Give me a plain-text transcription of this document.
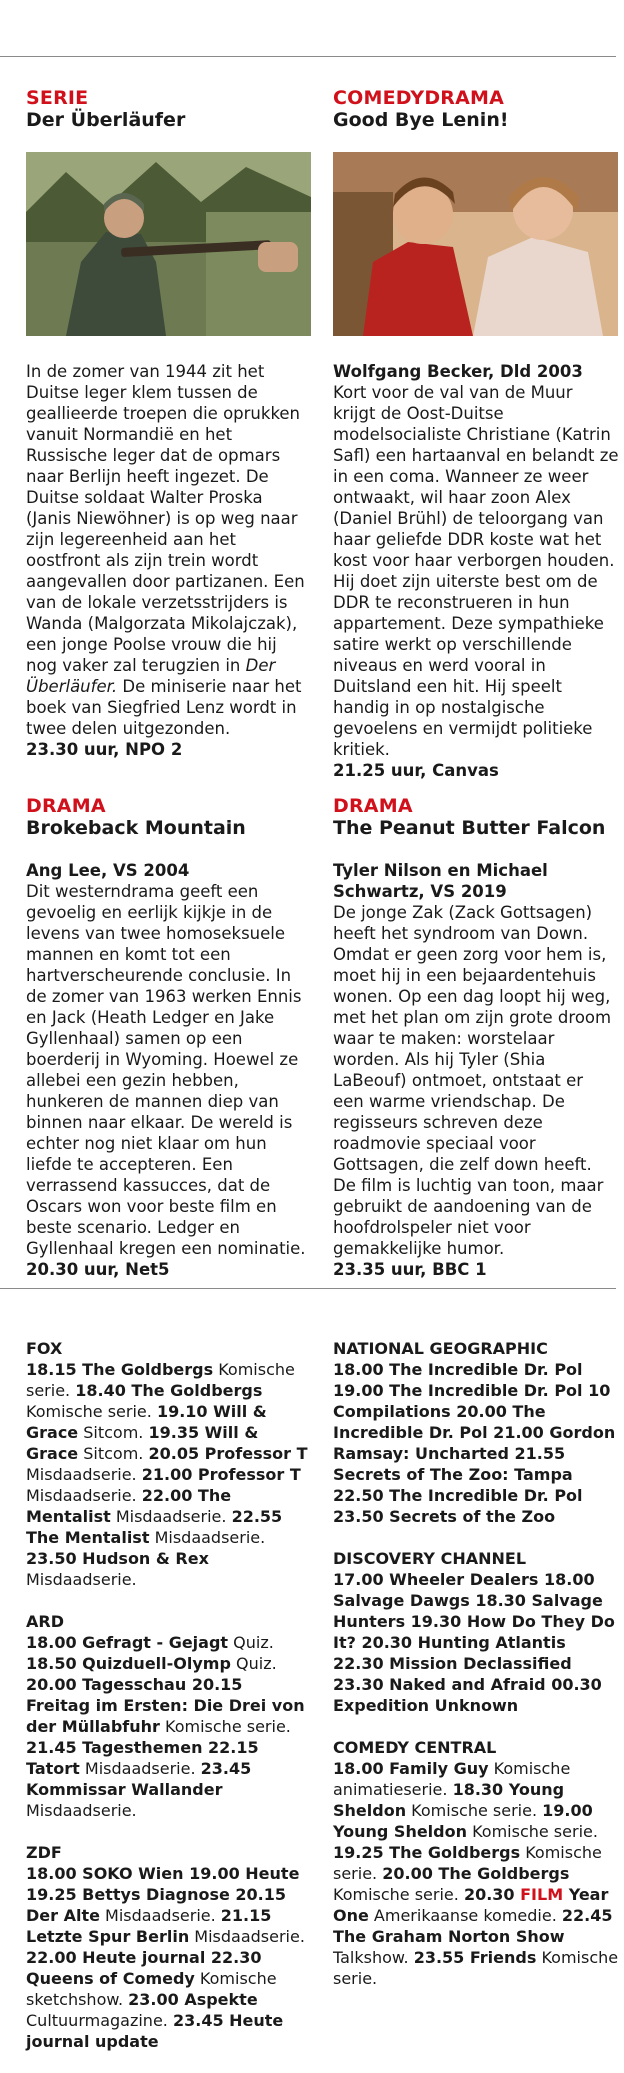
SERIE
Der Überläufer

In de zomer van 1944 zit het Duitse leger klem tussen de geallieerde troepen die oprukken vanuit Normandië en het Russische leger dat de opmars naar Berlijn heeft ingezet. De Duitse soldaat Walter Proska (Janis Niewöhner) is op weg naar zijn legereenheid aan het oostfront als zijn trein wordt aangevallen door partizanen. Een van de lokale verzetsstrijders is Wanda (Malgorzata Mikolajczak), een jonge Poolse vrouw die hij nog vaker zal terugzien in Der Überläufer. De miniserie naar het boek van Siegfried Lenz wordt in twee delen uitgezonden.

23.30 uur, NPO 2
COMEDYDRAMA
Good Bye Lenin!
Wolfgang Becker, Dld 2003
Kort voor de val van de Muur krijgt de Oost-Duitse modelsocialiste Christiane (Katrin Safl) een hartaanval en belandt ze in een coma. Wanneer ze weer ontwaakt, wil haar zoon Alex (Daniel Brühl) de teloorgang van haar geliefde DDR koste wat het kost voor haar verborgen houden. Hij doet zijn uiterste best om de DDR te reconstrueren in hun appartement. Deze sympathieke satire werkt op verschillende niveaus en werd vooral in Duitsland een hit. Hij speelt handig in op nostalgische gevoelens en vermijdt politieke kritiek.
21.25 uur, Canvas
DRAMA
Brokeback Mountain
Ang Lee, VS 2004
Dit westerndrama geeft een gevoelig en eerlijk kijkje in de levens van twee homoseksuele mannen en komt tot een hartverscheurende conclusie. In de zomer van 1963 werken Ennis en Jack (Heath Ledger en Jake Gyllenhaal) samen op een boerderij in Wyoming. Hoewel ze allebei een gezin hebben, hunkeren de mannen diep van binnen naar elkaar. De wereld is echter nog niet klaar om hun liefde te accepteren. Een verrassend kassucces, dat de Oscars won voor beste film en beste scenario. Ledger en Gyllenhaal kregen een nominatie.
20.30 uur, Net5
DRAMA
The Peanut Butter Falcon
Tyler Nilson en Michael Schwartz, VS 2019
De jonge Zak (Zack Gottsagen) heeft het syndroom van Down. Omdat er geen zorg voor hem is, moet hij in een bejaardentehuis wonen. Op een dag loopt hij weg, met het plan om zijn grote droom waar te maken: worstelaar worden. Als hij Tyler (Shia LaBeouf) ontmoet, ontstaat er een warme vriendschap. De regisseurs schreven deze roadmovie speciaal voor Gottsagen, die zelf down heeft. De film is luchtig van toon, maar gebruikt de aandoening van de hoofdrolspeler niet voor gemakkelijke humor.
23.35 uur, BBC 1
FOX
18.15 The Goldbergs Komische serie. 18.40 The Goldbergs Komische serie. 19.10 Will & Grace Sitcom. 19.35 Will & Grace Sitcom. 20.05 Professor T Misdaadserie. 21.00 Professor T Misdaadserie. 22.00 The Mentalist Misdaadserie. 22.55 The Mentalist Misdaadserie. 23.50 Hudson & Rex Misdaadserie.
ARD
18.00 Gefragt - Gejagt Quiz. 18.50 Quizduell-Olymp Quiz. 20.00 Tagesschau 20.15 Freitag im Ersten: Die Drei von der Müllabfuhr Komische serie. 21.45 Tagesthemen 22.15 Tatort Misdaadserie. 23.45 Kommissar Wallander Misdaadserie.
ZDF
18.00 SOKO Wien 19.00 Heute 19.25 Bettys Diagnose 20.15 Der Alte Misdaadserie. 21.15 Letzte Spur Berlin Misdaadserie. 22.00 Heute journal 22.30 Queens of Comedy Komische sketchshow. 23.00 Aspekte Cultuurmagazine. 23.45 Heute journal update
NATIONAL GEOGRAPHIC
18.00 The Incredible Dr. Pol 19.00 The Incredible Dr. Pol 10 Compilations 20.00 The Incredible Dr. Pol 21.00 Gordon Ramsay: Uncharted 21.55 Secrets of The Zoo: Tampa 22.50 The Incredible Dr. Pol 23.50 Secrets of the Zoo
DISCOVERY CHANNEL
17.00 Wheeler Dealers 18.00 Salvage Dawgs 18.30 Salvage Hunters 19.30 How Do They Do It? 20.30 Hunting Atlantis 22.30 Mission Declassified 23.30 Naked and Afraid 00.30 Expedition Unknown
COMEDY CENTRAL
18.00 Family Guy Komische animatieserie. 18.30 Young Sheldon Komische serie. 19.00 Young Sheldon Komische serie. 19.25 The Goldbergs Komische serie. 20.00 The Goldbergs Komische serie. 20.30 FILM Year One Amerikaanse komedie. 22.45 The Graham Norton Show Talkshow. 23.55 Friends Komische serie.
